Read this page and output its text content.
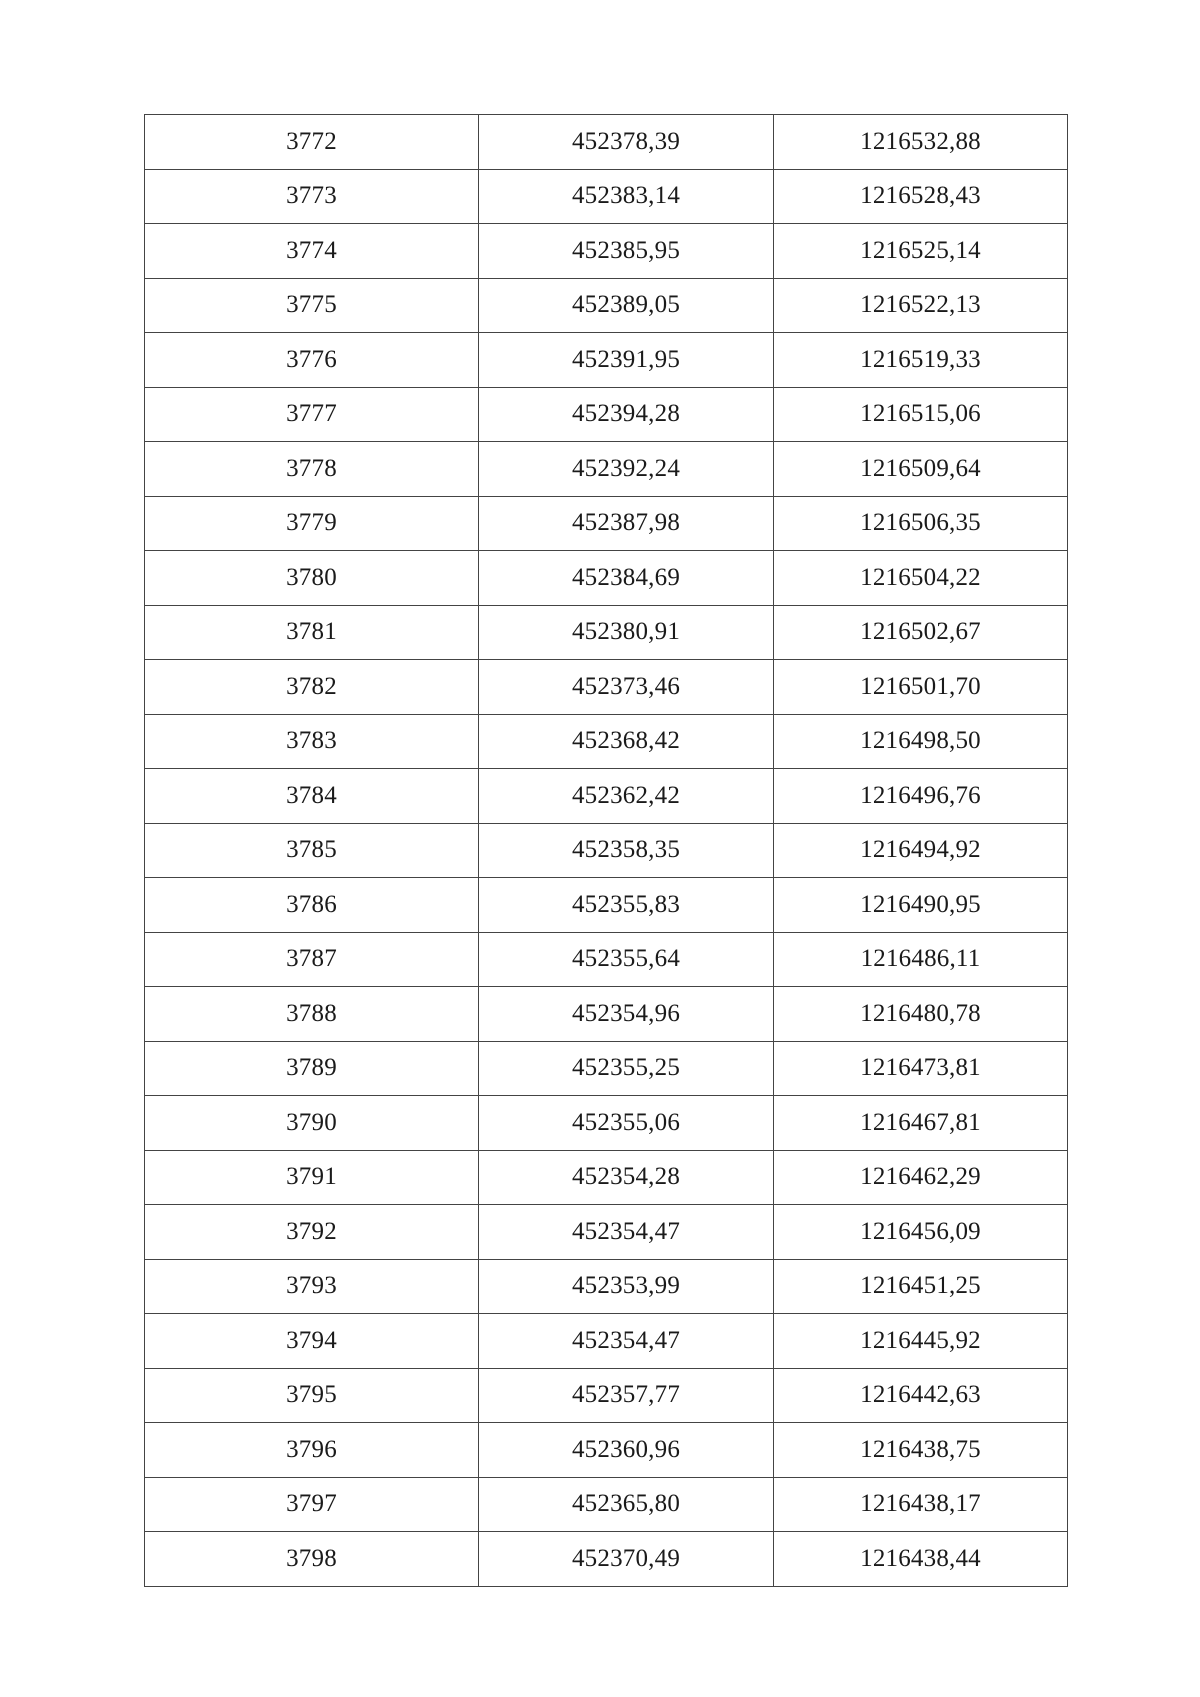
3772	452378,39	1216532,88
3773	452383,14	1216528,43
3774	452385,95	1216525,14
3775	452389,05	1216522,13
3776	452391,95	1216519,33
3777	452394,28	1216515,06
3778	452392,24	1216509,64
3779	452387,98	1216506,35
3780	452384,69	1216504,22
3781	452380,91	1216502,67
3782	452373,46	1216501,70
3783	452368,42	1216498,50
3784	452362,42	1216496,76
3785	452358,35	1216494,92
3786	452355,83	1216490,95
3787	452355,64	1216486,11
3788	452354,96	1216480,78
3789	452355,25	1216473,81
3790	452355,06	1216467,81
3791	452354,28	1216462,29
3792	452354,47	1216456,09
3793	452353,99	1216451,25
3794	452354,47	1216445,92
3795	452357,77	1216442,63
3796	452360,96	1216438,75
3797	452365,80	1216438,17
3798	452370,49	1216438,44
